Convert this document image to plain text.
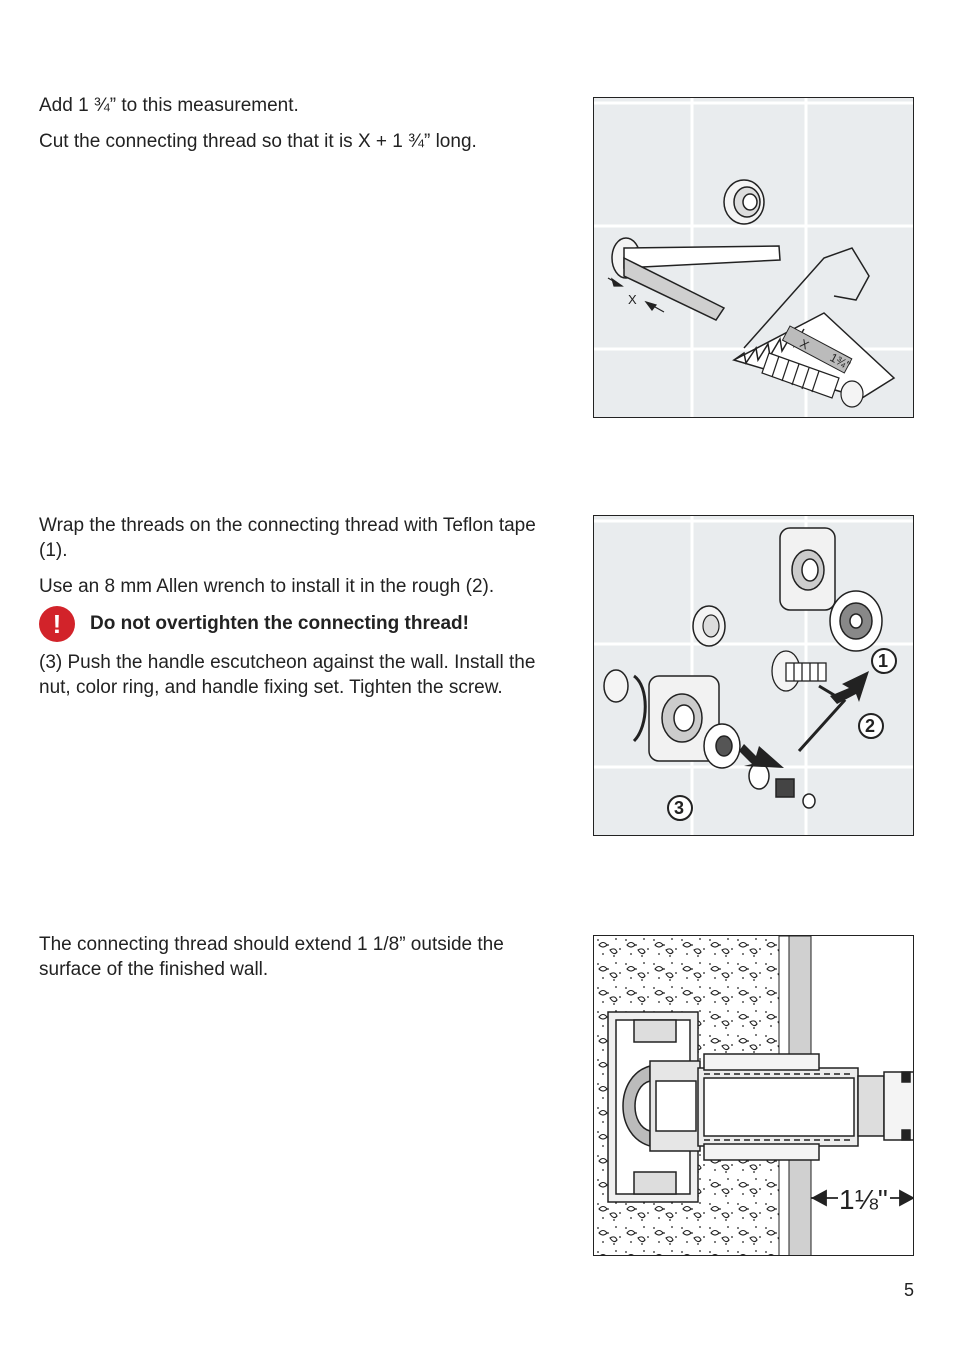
Add 1 ¾” to this measurement.

Cut the connecting thread so that it is X + 1 ¾” long.

X
X
1¾"

Wrap the threads on the connecting thread with Teflon tape (1).

Use an 8 mm Allen wrench to install it in the rough (2).

!	Do not overtighten the connecting thread!

(3) Push the handle escutcheon against the wall. Install the nut, color ring, and handle fixing set. Tighten the screw.

1
2
3

The connecting thread should extend 1 1/8” outside the surface of the finished wall.

1⅛"
5
